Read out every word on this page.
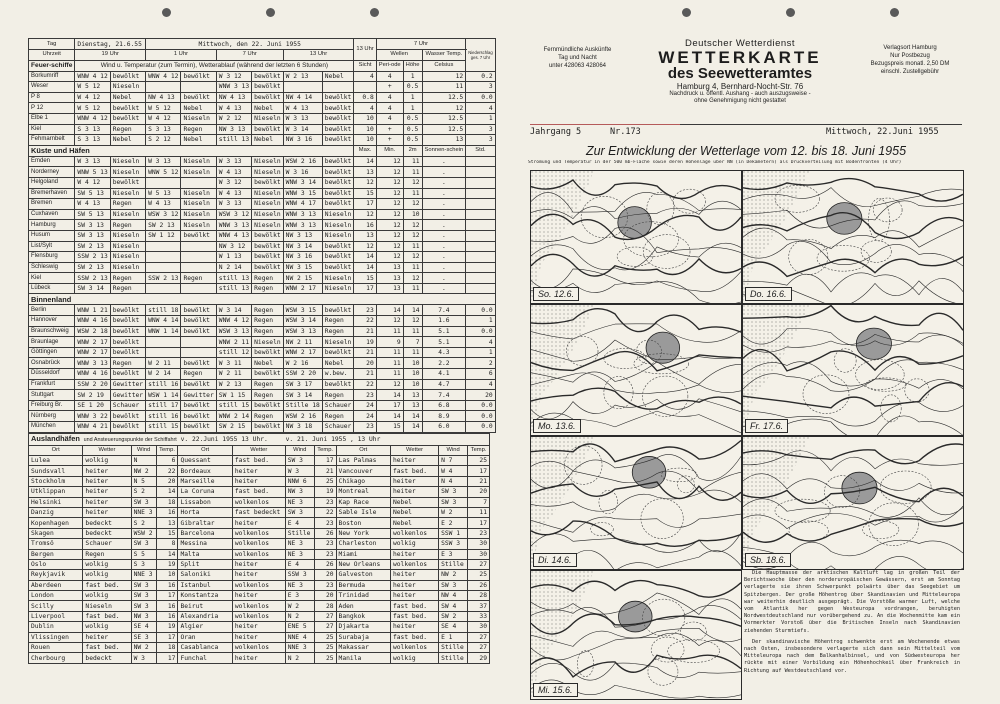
Tag	Dienstag, 21.6.55		Mittwoch, den 22. Juni 1955						13 Uhr	7 Uhr			Niederschlag ges. 7 Uhr
Uhrzeit	19 Uhr		1 Uhr		7 Uhr		13 Uhr			Wellen		Wasser Temp.	
Feuer-schiffe	Wind u. Temperatur (zum Termin), Wetterablauf (während der letzten 6 Stunden)								Sicht	Peri-ode	Höhe	Celsius	
Borkumriff	WNW 4 12	bewölkt	WNW 4 12	bewölkt	W 3 12	bewölkt	W 2 13	Nebel	4	4	1	12	0.2
Weser	W 5 12	Nieseln			WNW 3 13	bewölkt				+	0.5	11	3
P 8	W 4 12	Nebel	NW 4 13	bewölkt	NW 4 13	bewölkt	NW 4 14	bewölkt	0.8	4	1	12.5	0.0
P 12	W 5 12	bewölkt	W 5 12	Nebel	W 4 13	Nebel	W 4 13	bewölkt	4	4	1	12	4
Elbe 1	WNW 4 12	bewölkt	W 4 12	Nieseln	W 2 12	Nieseln	W 3 13	bewölkt	10	4	0.5	12.5	1
Kiel	S 3 13	Regen	S 3 13	Regen	NW 3 13	bewölkt	W 3 14	bewölkt	10	+	0.5	12.5	3
Fehmarnbelt	S 3 13	Nebel	S 2 12	Nebel	still 13	Nebel	NW 3 16	bewölkt	10	+	0.5	13	3
Küste und Häfen									Max.	Min.	2m	Sonnen-schein	Std.
Emden	W 3 13	Nieseln	W 3 13	Nieseln	W 3 13	Nieseln	WSW 2 16	bewölkt	14	12	11	.	
Norderney	WNW 5 13	Nieseln	WNW 5 12	Nieseln	W 4 13	Nieseln	W 3 16	bewölkt	13	12	11	.	
Helgoland	W 4 12	bewölkt			W 3 12	bewölkt	WNW 3 14	bewölkt	12	12	12	.	
Bremerhaven	SW 5 13	Nieseln	W 5 13	Nieseln	W 4 13	Nieseln	WNW 3 15	bewölkt	15	12	11	.	
Bremen	W 4 13	Regen	W 4 13	Nieseln	W 3 13	Nieseln	WNW 4 17	bewölkt	17	12	12	.	
Cuxhaven	SW 5 13	Nieseln	WSW 3 12	Nieseln	WSW 3 12	Nieseln	WNW 3 13	Nieseln	12	12	10	.	
Hamburg	SW 3 13	Regen	SW 2 13	Nieseln	WNW 3 13	Nieseln	WNW 3 13	Nieseln	16	12	12	.	
Husum	SW 3 13	Nieseln	SW 1 12	bewölkt	WNW 4 13	bewölkt	NW 3 13	Nieseln	13	12	12	.	
List/Sylt	SW 2 13	Nieseln			NW 3 12	bewölkt	NW 3 14	bewölkt	12	12	11	.	
Flensburg	SSW 2 13	Nieseln			W 1 13	bewölkt	NW 3 16	bewölkt	14	12	12	.	
Schleswig	SW 2 13	Nieseln			N 2 14	bewölkt	NW 3 15	bewölkt	14	13	11	.	
Kiel	SSW 2 13	Regen	SSW 2 13	Regen	still 13	Regen	NW 2 15	Nieseln	15	13	12	.	
Lübeck	SW 3 14	Regen			still 13	Regen	WNW 2 17	Nieseln	17	13	11	.	
Binnenland													
Berlin	WNW 1 21	bewölkt	still 18	bewölkt	W 3 14	Regen	WSW 3 15	bewölkt	23	14	14	7.4	0.0
Hannover	WNW 4 16	bewölkt	WNW 4 14	bewölkt	WNW 4 12	Regen	WSW 3 14	Regen	22	12	12	1.6	1
Braunschweig	WSW 2 18	bewölkt	WNW 1 14	bewölkt	WSW 3 13	Regen	WSW 3 13	Regen	21	11	11	5.1	0.0
Braunlage	WNW 2 17	bewölkt			WNW 2 11	Nieseln	NW 2 11	Nieseln	19	9	7	5.1	4
Göttingen	WNW 2 17	bewölkt			still 12	bewölkt	WNW 2 17	bewölkt	21	11	11	4.3	1
Osnabrück	WNW 3 13	Regen	W 2 11	bewölkt	W 3 11	Nebel	W 2 16	Nebel	20	11	10	2.2	2
Düsseldorf	WNW 4 16	bewölkt	W 2 14	Regen	W 2 11	bewölkt	SSW 2 20	w.bew.	21	11	10	4.1	6
Frankfurt	SSW 2 20	Gewitter	still 16	bewölkt	W 2 13	Regen	SW 3 17	bewölkt	22	12	10	4.7	4
Stuttgart	SW 2 19	Gewitter	WSW 1 14	Gewitter	SW 1 15	Regen	SW 3 14	Regen	23	14	13	7.4	20
Freiburg Br.	SE 1 20	Schauer	still 17	bewölkt	still 15	bewölkt	Stille 18	Schauer	24	17	13	6.8	0.0
Nürnberg	WNW 3 22	bewölkt	still 16	bewölkt	WNW 2 14	Regen	WSW 2 16	Regen	24	14	14	8.9	0.0
München	WNW 4 21	bewölkt	still 15	bewölkt	SW 2 15	bewölkt	NW 3 18	Schauer	23	15	14	6.0	0.0
Auslandhäfen und Ansteuerungspunkte der Schiffahrt v. 22.Juni 1955 13 Uhr. v. 21. Juni 1955 , 13 Uhr											
Ort	Wetter	Wind	Temp.	Ort	Wetter	Wind	Temp.	Ort	Wetter	Wind	Temp.
Lulea	wolkig	N	6	Quessant	fast bed.	SW 3	17	Las Palmas	heiter	N 7	25
Sundsvall	heiter	NW 2	22	Bordeaux	heiter	W 3	21	Vancouver	fast bed.	W 4	17
Stockholm	heiter	N 5	20	Marseille	heiter	NNW 6	25	Chikago	heiter	N 4	21
Utklippan	heiter	S 2	14	La Coruna	fast bed.	NW 3	19	Montreal	heiter	SW 3	20
Helsinki	heiter	SW 3	18	Lissabon	wolkenlos	NE 3	23	Kap Race	Nebel	SW 3	7
Danzig	heiter	NNE 3	16	Horta	fast bedeckt	SW 3	22	Sable Isle	Nebel	W 2	11
Kopenhagen	bedeckt	S 2	13	Gibraltar	heiter	E 4	23	Boston	Nebel	E 2	17
Skagen	bedeckt	WSW 2	15	Barcelona	wolkenlos	Stille	26	New York	wolkenlos	SSW 1	23
Tromsö	Schauer	SW 3	8	Messina	wolkenlos	NE 3	23	Charleston	wolkig	SSW 3	30
Bergen	Regen	S 5	14	Malta	wolkenlos	NE 3	23	Miami	heiter	E 3	30
Oslo	wolkig	S 3	19	Split	heiter	E 4	26	New Orleans	wolkenlos	Stille	27
Reykjavik	wolkig	NNE 3	10	Saloniki	heiter	SSW 3	20	Galveston	heiter	NW 2	25
Aberdeen	fast bed.	SW 3	16	Istanbul	wolkenlos	NE 3	23	Bermuda	heiter	SW 3	26
London	wolkig	SW 3	17	Konstantza	heiter	E 3	20	Trinidad	heiter	NW 4	28
Scilly	Nieseln	SW 3	16	Beirut	wolkenlos	W 2	28	Aden	fast bed.	SW 4	37
Liverpool	fast bed.	NW 3	16	Alexandria	wolkenlos	N 2	27	Bangkok	fast bed.	SW 2	33
Dublin	wolkig	SE 4	19	Algier	heiter	ENE 5	27	Djakarta	heiter	SE 4	30
Vlissingen	heiter	SE 3	17	Oran	heiter	NNE 4	25	Surabaja	fast bed.	E 1	27
Rouen	fast bed.	NW 2	18	Casablanca	wolkenlos	NNE 3	25	Makassar	wolkenlos	Stille	27
Cherbourg	bedeckt	W 3	17	Funchal	heiter	N 2	25	Manila	wolkig	Stille	29
Fernmündliche Auskünfte
Tag und Nacht
unter 428063 428064
Deutscher Wetterdienst
WETTERKARTE
des Seewetteramtes
Hamburg 4, Bernhard-Nocht-Str. 76
Nachdruck u. öffentl. Aushang - auch auszugsweise -
ohne Genehmigung nicht gestattet
Verlagsort Hamburg
Nur Postbezug
Bezugspreis monatl. 2,50 DM
einschl. Zustellgebühr
Jahrgang 5	Nr.173	Mittwoch, 22.Juni 1955
Zur Entwicklung der Wetterlage vom 12. bis 18. Juni 1955
Strömung und Temperatur in der 500 mb-Fläche sowie deren Höhenlage über NN (in Dekametern) als Druckverteilung mit Bodenfronten (4 Uhr)
So. 12.6.	Do. 16.6.
Mo. 13.6.	Fr. 17.6.
Di. 14.6.	Sb. 18.6.
Mi. 15.6.

Die Hauptmasse der arktischen Kaltluft lag in großen Teil der Berichtswoche über den norderuropäischen Gewässern, erst am Sonntag verlagerte sie ihren Schwerpunkt polwärts über das Seegebiet um Spitzbergen. Der große Höhentrog über Skandinavien und Mitteleuropa war weiterhin deutlich ausgeprägt. Die Vorstöße warmer Luft, welche vom Atlantik her gegen Westeuropa vordrangen, beruhigten Nordwestdeutschland nur vorübergehend zu. An die Wochenmitte kam ein Vormerkter Vorstoß über die Britischen Inseln nach Skandinavien ziehenden Sturmtiefs.

Der skandinavische Höhentrog schwenkte erst am Wochenende etwas nach Osten, insbesondere verlagerte sich dann sein Mittelteil vom Mitteleuropa nach dem Balkanhalbinsel, und von Südwesteuropa her rückte mit einer Vorbildung ein Höhenhochkeil über Frankreich in Richtung auf Westdeutschland vor.
